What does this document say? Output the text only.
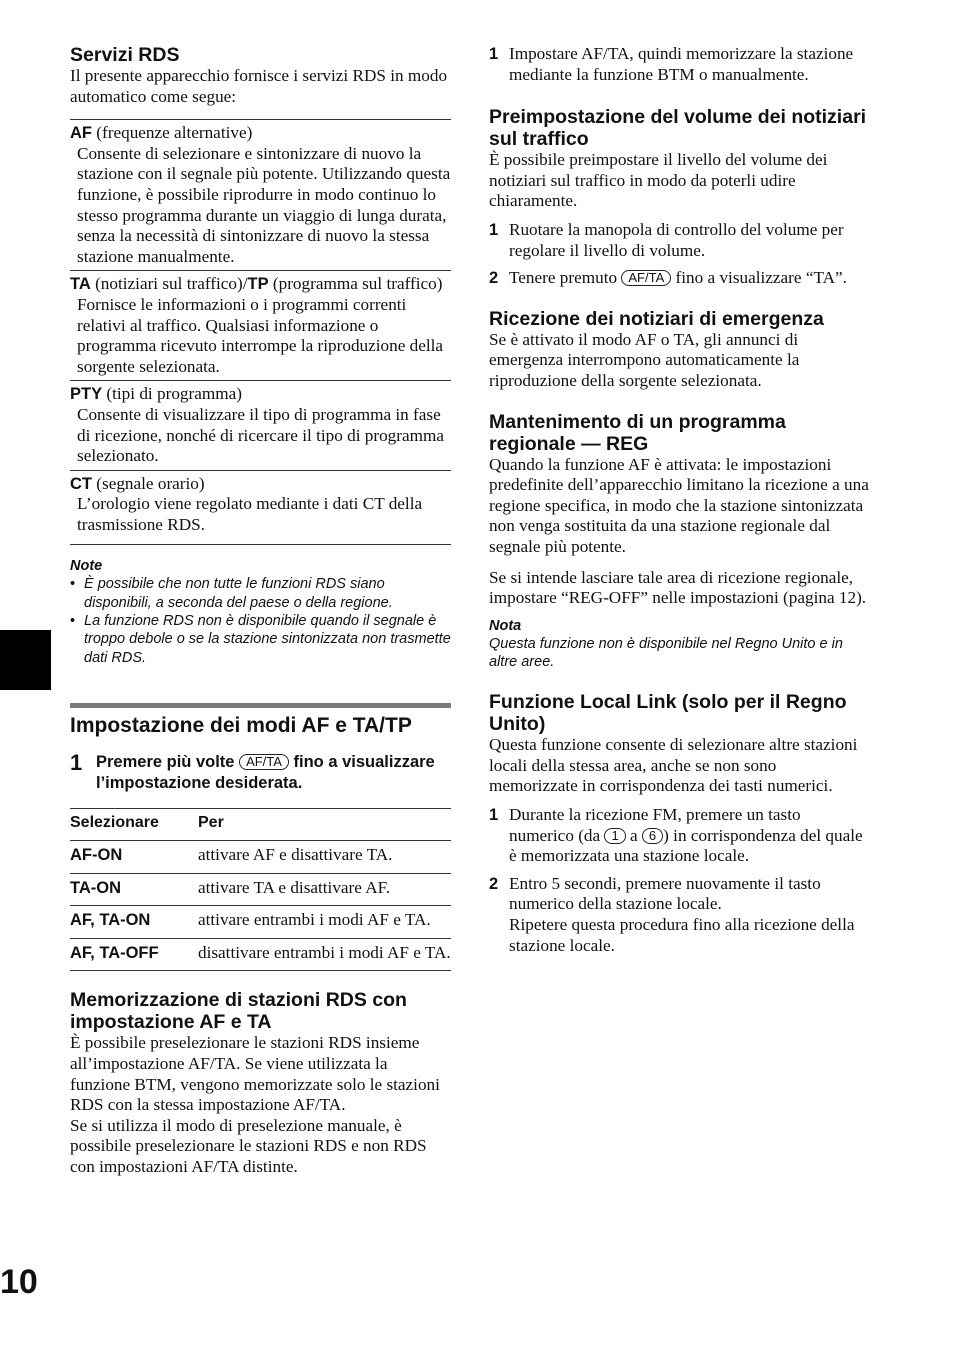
Servizi RDS

Il presente apparecchio fornisce i servizi RDS in modo automatico come segue:

AF (frequenze alternative)
Consente di selezionare e sintonizzare di nuovo la stazione con il segnale più potente. Utilizzando questa funzione, è possibile riprodurre in modo continuo lo stesso programma durante un viaggio di lunga durata, senza la necessità di sintonizzare di nuovo la stessa stazione manualmente.
TA (notiziari sul traffico)/TP (programma sul traffico)
Fornisce le informazioni o i programmi correnti relativi al traffico. Qualsiasi informazione o programma ricevuto interrompe la riproduzione della sorgente selezionata.
PTY (tipi di programma)
Consente di visualizzare il tipo di programma in fase di ricezione, nonché di ricercare il tipo di programma selezionato.
CT (segnale orario)
L’orologio viene regolato mediante i dati CT della trasmissione RDS.
Note
• È possibile che non tutte le funzioni RDS siano disponibili, a seconda del paese o della regione.
• La funzione RDS non è disponibile quando il segnale è troppo debole o se la stazione sintonizzata non trasmette dati RDS.
Impostazione dei modi AF e TA/TP
1 Premere più volte AF/TA fino a visualizzare l’impostazione desiderata.
Selezionare	Per
AF-ON	attivare AF e disattivare TA.
TA-ON	attivare TA e disattivare AF.
AF, TA-ON	attivare entrambi i modi AF e TA.
AF, TA-OFF	disattivare entrambi i modi AF e TA.
Memorizzazione di stazioni RDS con impostazione AF e TA

È possibile preselezionare le stazioni RDS insieme all’impostazione AF/TA. Se viene utilizzata la funzione BTM, vengono memorizzate solo le stazioni RDS con la stessa impostazione AF/TA.

Se si utilizza il modo di preselezione manuale, è possibile preselezionare le stazioni RDS e non RDS con impostazioni AF/TA distinte.

1 Impostare AF/TA, quindi memorizzare la stazione mediante la funzione BTM o manualmente.
Preimpostazione del volume dei notiziari sul traffico

È possibile preimpostare il livello del volume dei notiziari sul traffico in modo da poterli udire chiaramente.

1 Ruotare la manopola di controllo del volume per regolare il livello di volume.
2 Tenere premuto AF/TA fino a visualizzare “TA”.
Ricezione dei notiziari di emergenza

Se è attivato il modo AF o TA, gli annunci di emergenza interrompono automaticamente la riproduzione della sorgente selezionata.

Mantenimento di un programma regionale — REG

Quando la funzione AF è attivata: le impostazioni predefinite dell’apparecchio limitano la ricezione a una regione specifica, in modo che la stazione sintonizzata non venga sostituita da una stazione regionale dal segnale più potente.

Se si intende lasciare tale area di ricezione regionale, impostare “REG-OFF” nelle impostazioni (pagina 12).

Nota
Questa funzione non è disponibile nel Regno Unito e in altre aree.
Funzione Local Link (solo per il Regno Unito)

Questa funzione consente di selezionare altre stazioni locali della stessa area, anche se non sono memorizzate in corrispondenza dei tasti numerici.

1 Durante la ricezione FM, premere un tasto numerico (da 1 a 6 ) in corrispondenza del quale è memorizzata una stazione locale.
2 Entro 5 secondi, premere nuovamente il tasto numerico della stazione locale.
Ripetere questa procedura fino alla ricezione della stazione locale.
10
